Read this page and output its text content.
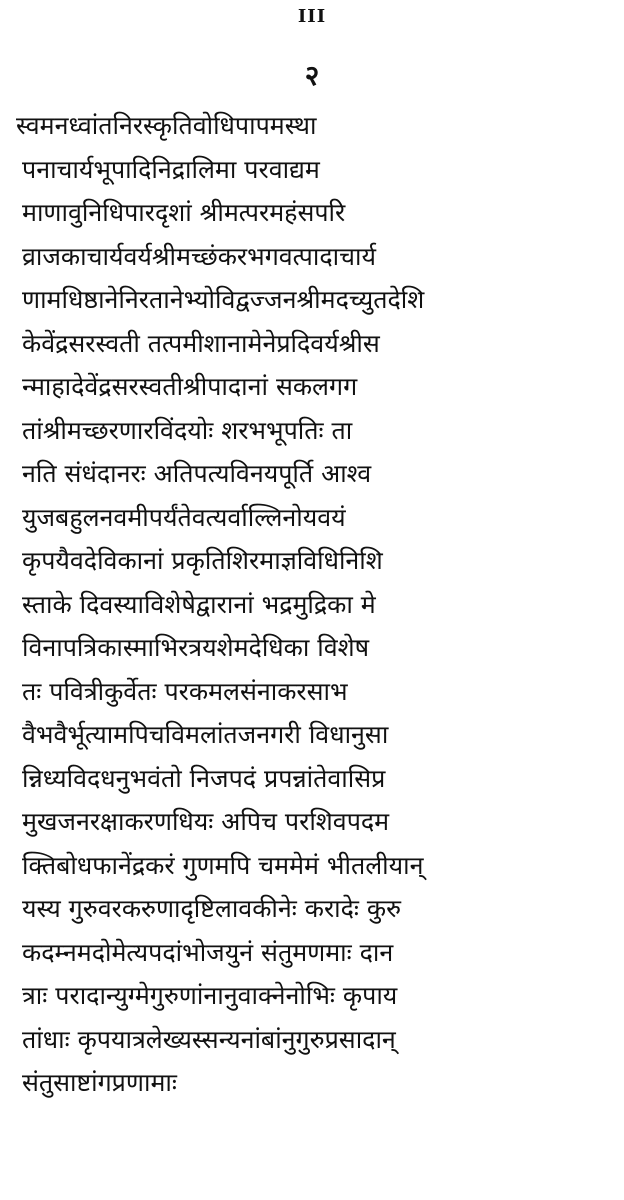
III
२
स्वमनध्वांतनिरस्कृतिवोधिपापमस्था
पनाचार्यभूपादिनिद्रालिमा परवाद्यम
माणावुनिधिपारदृशां श्रीमत्परमहंसपरि
व्राजकाचार्यवर्यश्रीमच्छंकरभगवत्पादाचार्य
णामधिष्ठानेनिरतानेभ्योविद्वज्जनश्रीमदच्युतदेशि
केवेंद्रसरस्वती तत्पमीशानामेनेप्रदिवर्यश्रीस
न्माहादेवेंद्रसरस्वतीश्रीपादानां सकलगग
तांश्रीमच्छरणारविंदयोः शरभभूपतिः ता
नति संधंदानरः अतिपत्यविनयपूर्ति आश्व
युजबहुलनवमीपर्यंतेवत्यर्वाल्लिनोयवयं
कृपयैवदेविकानां प्रकृतिशिरमाज्ञविधिनिशि
स्ताके दिवस्याविशेषेद्वारानां भद्रमुद्रिका मे
विनापत्रिकास्माभिरत्रयशेमदेधिका विशेष
तः पवित्रीकुर्वेतः परकमलसंनाकरसाभ
वैभवैर्भूत्यामपिचविमलांतजनगरी विधानुसा
न्निध्यविदधनुभवंतो निजपदं प्रपन्नांतेवासिप्र
मुखजनरक्षाकरणधियः अपिच परशिवपदम
क्तिबोधफानेंद्रकरं गुणमपि चममेमं भीतलीयान्
यस्य गुरुवरकरुणादृष्टिलावकीनेः करादेः कुरु
कदम्नमदोमेत्यपदांभोजयुनं संतुमणमाः दान
त्राः परादान्युग्मेगुरुणांनानुवाक्नेनोभिः कृपाय
तांधाः कृपयात्रलेख्यस्सन्यनांबांनुगुरुप्रसादान्
संतुसाष्टांगप्रणामाः
